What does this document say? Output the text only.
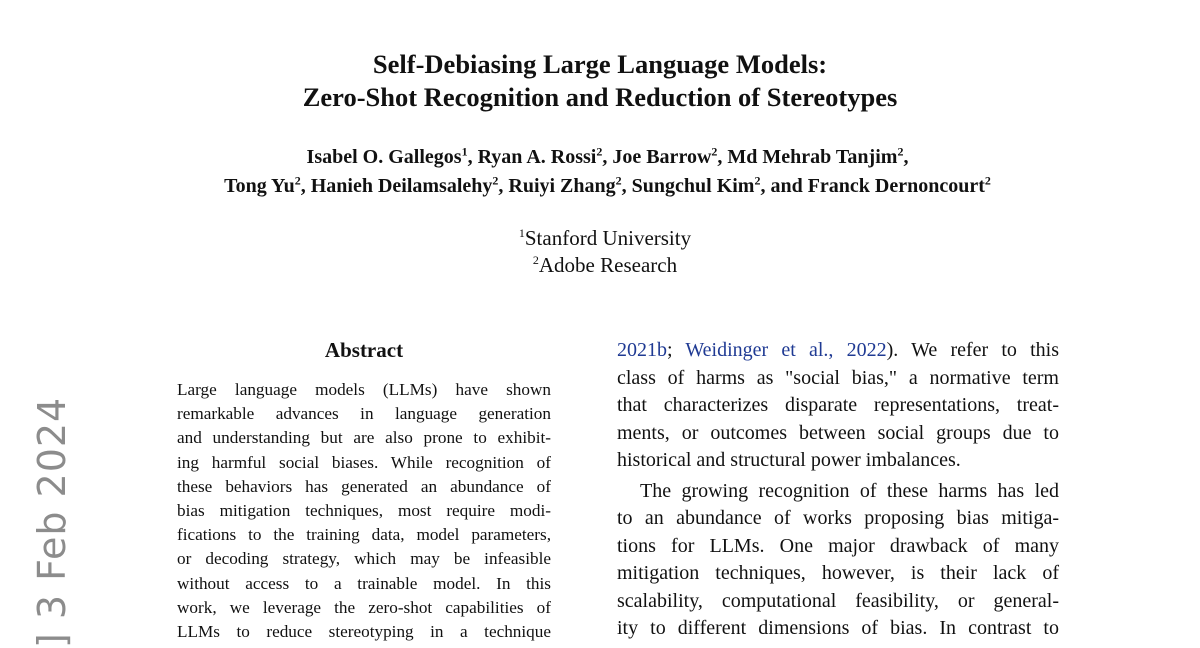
] 3 Feb 2024
Self-Debiasing Large Language Models:
Zero-Shot Recognition and Reduction of Stereotypes
Isabel O. Gallegos$^1$, Ryan A. Rossi$^2$, Joe Barrow$^2$, Md Mehrab Tanjim$^2$,
Tong Yu$^2$, Hanieh Deilamsalehy$^2$, Ruiyi Zhang$^2$, Sungchul Kim$^2$, and Franck Dernoncourt$^2$
$^1$Stanford University
$^2$Adobe Research
Abstract
Large language models (LLMs) have shown
remarkable advances in language generation
and understanding but are also prone to exhibit-
ing harmful social biases. While recognition of
these behaviors has generated an abundance of
bias mitigation techniques, most require modi-
fications to the training data, model parameters,
or decoding strategy, which may be infeasible
without access to a trainable model. In this
work, we leverage the zero-shot capabilities of
LLMs to reduce stereotyping in a technique
2021b; Weidinger et al., 2022). We refer to this
class of harms as "social bias," a normative term
that characterizes disparate representations, treat-
ments, or outcomes between social groups due to
historical and structural power imbalances.
The growing recognition of these harms has led
to an abundance of works proposing bias mitiga-
tions for LLMs. One major drawback of many
mitigation techniques, however, is their lack of
scalability, computational feasibility, or general-
ity to different dimensions of bias. In contrast to
